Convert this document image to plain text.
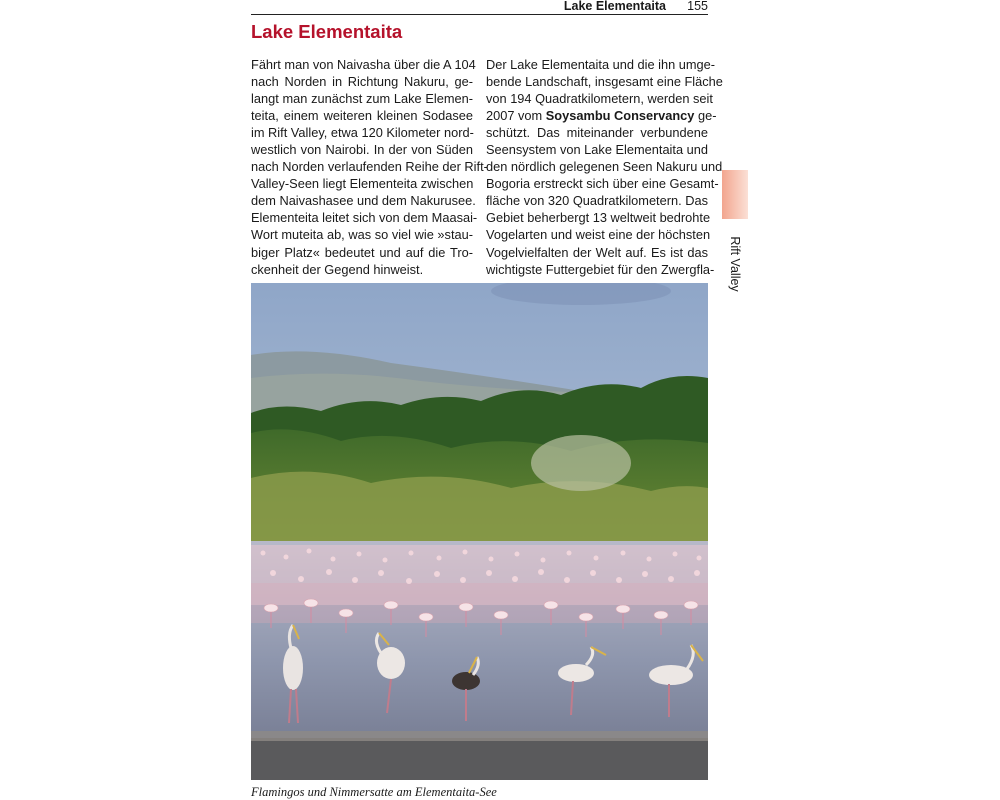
Lake Elementaita 155
Lake Elementaita
Fährt man von Naivasha über die A 104
nach Norden in Richtung Nakuru, ge-
langt man zunächst zum Lake Elemen-
teita, einem weiteren kleinen Sodasee
im Rift Valley, etwa 120 Kilometer nord-
westlich von Nairobi. In der von Süden
nach Norden verlaufenden Reihe der Rift-
Valley-Seen liegt Elementeita zwischen
dem Naivashasee und dem Nakurusee.
Elementeita leitet sich von dem Maasai-
Wort muteita ab, was so viel wie »stau-
biger Platz« bedeutet und auf die Tro-
ckenheit der Gegend hinweist.
Der Lake Elementaita und die ihn umge-
bende Landschaft, insgesamt eine Fläche
von 194 Quadratkilometern, werden seit
2007 vom Soysambu Conservancy ge-
schützt. Das miteinander verbundene
Seensystem von Lake Elementaita und
den nördlich gelegenen Seen Nakuru und
Bogoria erstreckt sich über eine Gesamt-
fläche von 320 Quadratkilometern. Das
Gebiet beherbergt 13 weltweit bedrohte
Vogelarten und weist eine der höchsten
Vogelvielfalten der Welt auf. Es ist das
wichtigste Futtergebiet für den Zwergfla- Rift Valley
Flamingos und Nimmersatte am Elementaita-See
